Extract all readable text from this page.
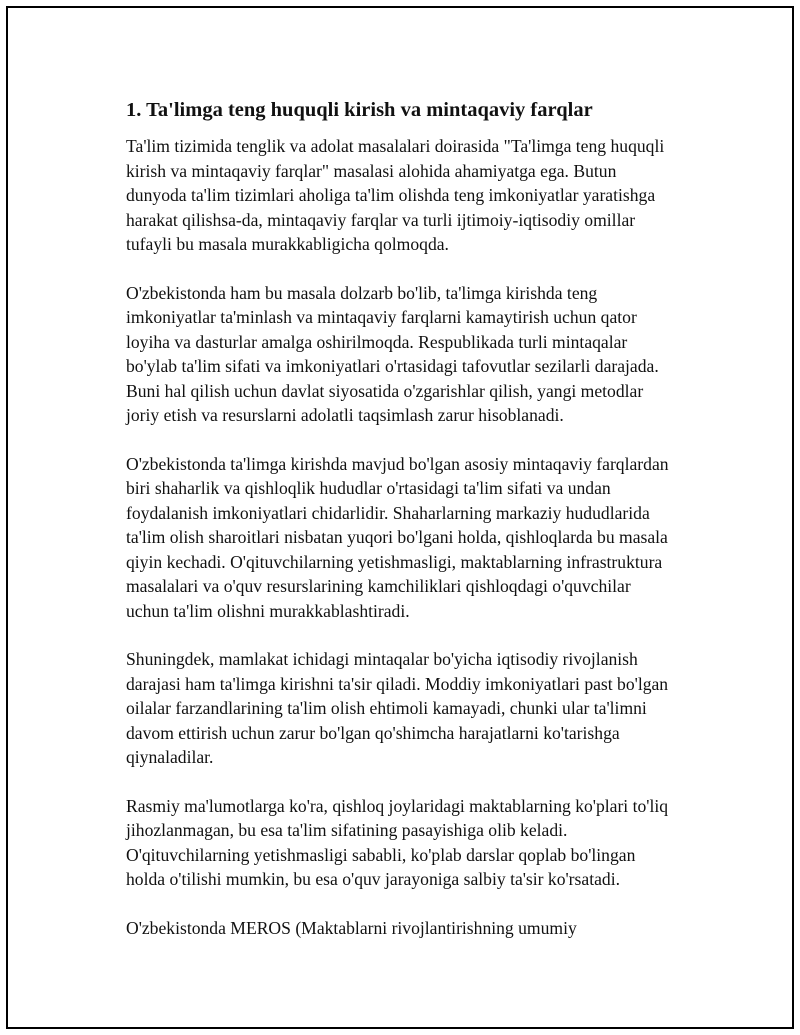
1. Ta'limga teng huquqli kirish va mintaqaviy farqlar
Ta'lim tizimida tenglik va adolat masalalari doirasida "Ta'limga teng huquqli
kirish va mintaqaviy farqlar" masalasi alohida ahamiyatga ega. Butun
dunyoda ta'lim tizimlari aholiga ta'lim olishda teng imkoniyatlar yaratishga
harakat qilishsa-da, mintaqaviy farqlar va turli ijtimoiy-iqtisodiy omillar
tufayli bu masala murakkabligicha qolmoqda.
O'zbekistonda ham bu masala dolzarb bo'lib, ta'limga kirishda teng
imkoniyatlar ta'minlash va mintaqaviy farqlarni kamaytirish uchun qator
loyiha va dasturlar amalga oshirilmoqda. Respublikada turli mintaqalar
bo'ylab ta'lim sifati va imkoniyatlari o'rtasidagi tafovutlar sezilarli darajada.
Buni hal qilish uchun davlat siyosatida o'zgarishlar qilish, yangi metodlar
joriy etish va resurslarni adolatli taqsimlash zarur hisoblanadi.
O'zbekistonda ta'limga kirishda mavjud bo'lgan asosiy mintaqaviy farqlardan
biri shaharlik va qishloqlik hududlar o'rtasidagi ta'lim sifati va undan
foydalanish imkoniyatlari chidarlidir. Shaharlarning markaziy hududlarida
ta'lim olish sharoitlari nisbatan yuqori bo'lgani holda, qishloqlarda bu masala
qiyin kechadi. O'qituvchilarning yetishmasligi, maktablarning infrastruktura
masalalari va o'quv resurslarining kamchiliklari qishloqdagi o'quvchilar
uchun ta'lim olishni murakkablashtiradi.
Shuningdek, mamlakat ichidagi mintaqalar bo'yicha iqtisodiy rivojlanish
darajasi ham ta'limga kirishni ta'sir qiladi. Moddiy imkoniyatlari past bo'lgan
oilalar farzandlarining ta'lim olish ehtimoli kamayadi, chunki ular ta'limni
davom ettirish uchun zarur bo'lgan qo'shimcha harajatlarni ko'tarishga
qiynaladilar.
Rasmiy ma'lumotlarga ko'ra, qishloq joylaridagi maktablarning ko'plari to'liq
jihozlanmagan, bu esa ta'lim sifatining pasayishiga olib keladi.
O'qituvchilarning yetishmasligi sababli, ko'plab darslar qoplab bo'lingan
holda o'tilishi mumkin, bu esa o'quv jarayoniga salbiy ta'sir ko'rsatadi.
O'zbekistonda MEROS (Maktablarni rivojlantirishning umumiy
